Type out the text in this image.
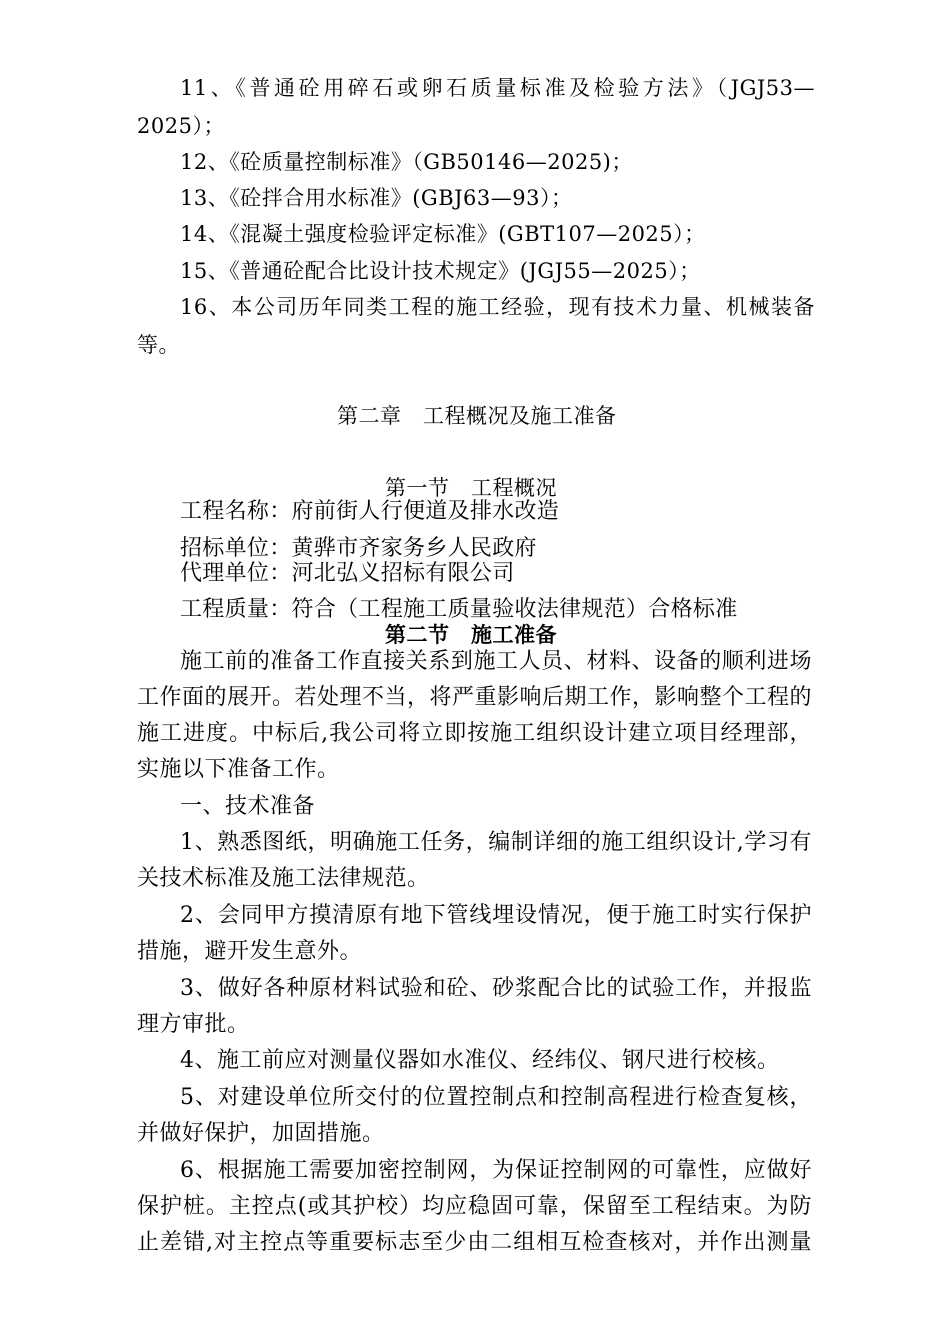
11、《普通砼用碎石或卵石质量标准及检验方法》（JGJ53—
2025）；
12、《砼质量控制标准》（GB50146—2025)；
13、《砼拌合用水标准》(GBJ63—93）；
14、《混凝土强度检验评定标准》(GBT107—2025）；
15、《普通砼配合比设计技术规定》(JGJ55—2025）；
16、本公司历年同类工程的施工经验，现有技术力量、机械装备
等。
第二章　工程概况及施工准备
第一节　工程概况
工程名称：府前街人行便道及排水改造
招标单位：黄骅市齐家务乡人民政府
代理单位：河北弘义招标有限公司
工程质量：符合（工程施工质量验收法律规范）合格标准
第二节　施工准备
施工前的准备工作直接关系到施工人员、材料、设备的顺利进场
工作面的展开。若处理不当，将严重影响后期工作，影响整个工程的
施工进度。中标后,我公司将立即按施工组织设计建立项目经理部，
实施以下准备工作。
一、技术准备
1、熟悉图纸，明确施工任务，编制详细的施工组织设计,学习有
关技术标准及施工法律规范。
2、会同甲方摸清原有地下管线埋设情况，便于施工时实行保护
措施，避开发生意外。
3、做好各种原材料试验和砼、砂浆配合比的试验工作，并报监
理方审批。
4、施工前应对测量仪器如水准仪、经纬仪、钢尺进行校核。
5、对建设单位所交付的位置控制点和控制高程进行检查复核，
并做好保护，加固措施。
6、根据施工需要加密控制网，为保证控制网的可靠性，应做好
保护桩。主控点(或其护校）均应稳固可靠，保留至工程结束。为防
止差错,对主控点等重要标志至少由二组相互检查核对，并作出测量
